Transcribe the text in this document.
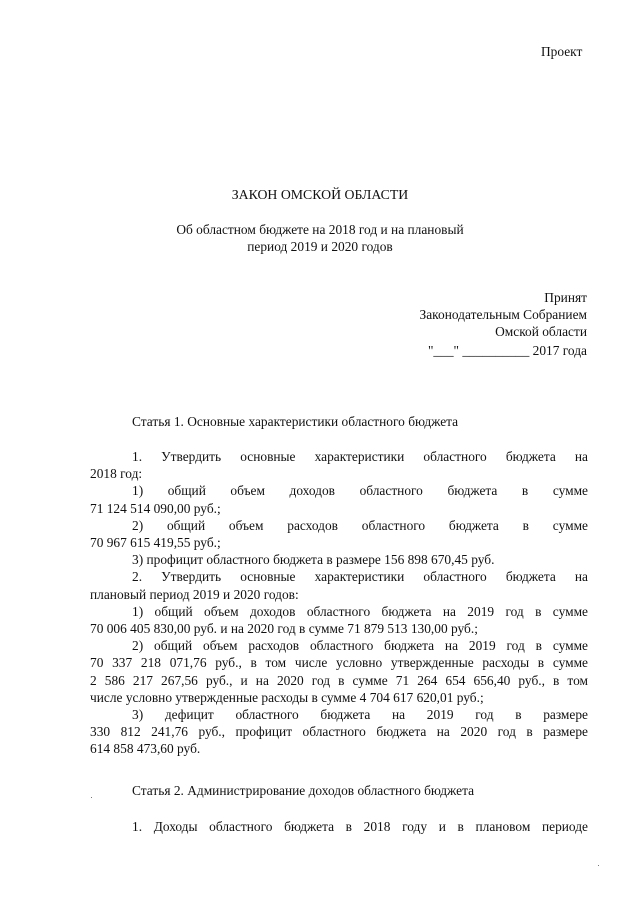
Проект
ЗАКОН ОМСКОЙ ОБЛАСТИ
Об областном бюджете на 2018 год и на плановый
период 2019 и 2020 годов
Принят
Законодательным Собранием
Омской области
"___" __________ 2017 года
Статья 1. Основные характеристики областного бюджета

1. Утвердить основные характеристики областного бюджета на

2018 год:

1) общий объем доходов областного бюджета в сумме

71 124 514 090,00 руб.;

2) общий объем расходов областного бюджета в сумме

70 967 615 419,55 руб.;

3) профицит областного бюджета в размере 156 898 670,45 руб.

2. Утвердить основные характеристики областного бюджета на

плановый период 2019 и 2020 годов:

1) общий объем доходов областного бюджета на 2019 год в сумме

70 006 405 830,00 руб. и на 2020 год в сумме 71 879 513 130,00 руб.;

2) общий объем расходов областного бюджета на 2019 год в сумме

70 337 218 071,76 руб., в том числе условно утвержденные расходы в сумме
2 586 217 267,56 руб., и на 2020 год в сумме 71 264 654 656,40 руб., в том
числе условно утвержденные расходы в сумме 4 704 617 620,01 руб.;

3) дефицит областного бюджета на 2019 год в размере

330 812 241,76 руб., профицит областного бюджета на 2020 год в размере
614 858 473,60 руб.
Статья 2. Администрирование доходов областного бюджета

1. Доходы областного бюджета в 2018 году и в плановом периоде
